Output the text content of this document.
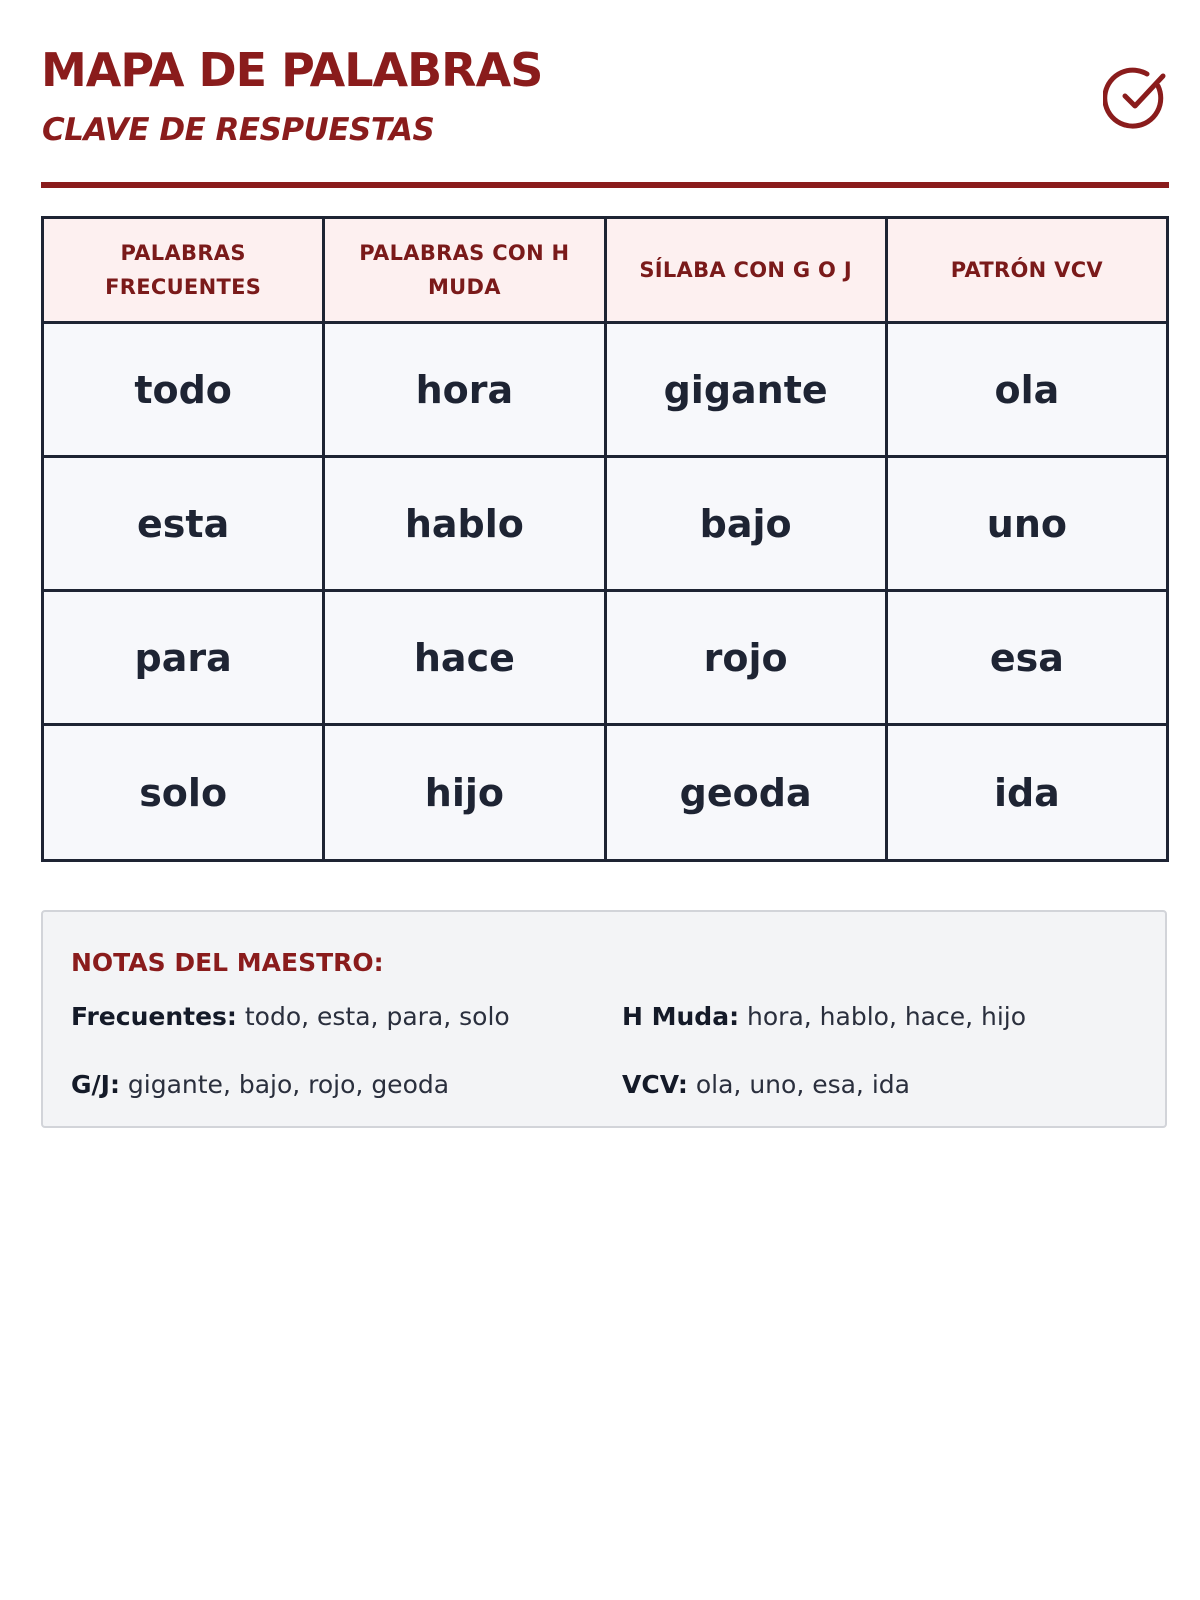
MAPA DE PALABRAS
CLAVE DE RESPUESTAS
PALABRAS FRECUENTES	PALABRAS CON H MUDA	SÍLABA CON G O J	PATRÓN VCV
todo	hora	gigante	ola
esta	hablo	bajo	uno
para	hace	rojo	esa
solo	hijo	geoda	ida
NOTAS DEL MAESTRO:
Frecuentes: todo, esta, para, solo	H Muda: hora, hablo, hace, hijo
G/J: gigante, bajo, rojo, geoda	VCV: ola, uno, esa, ida
